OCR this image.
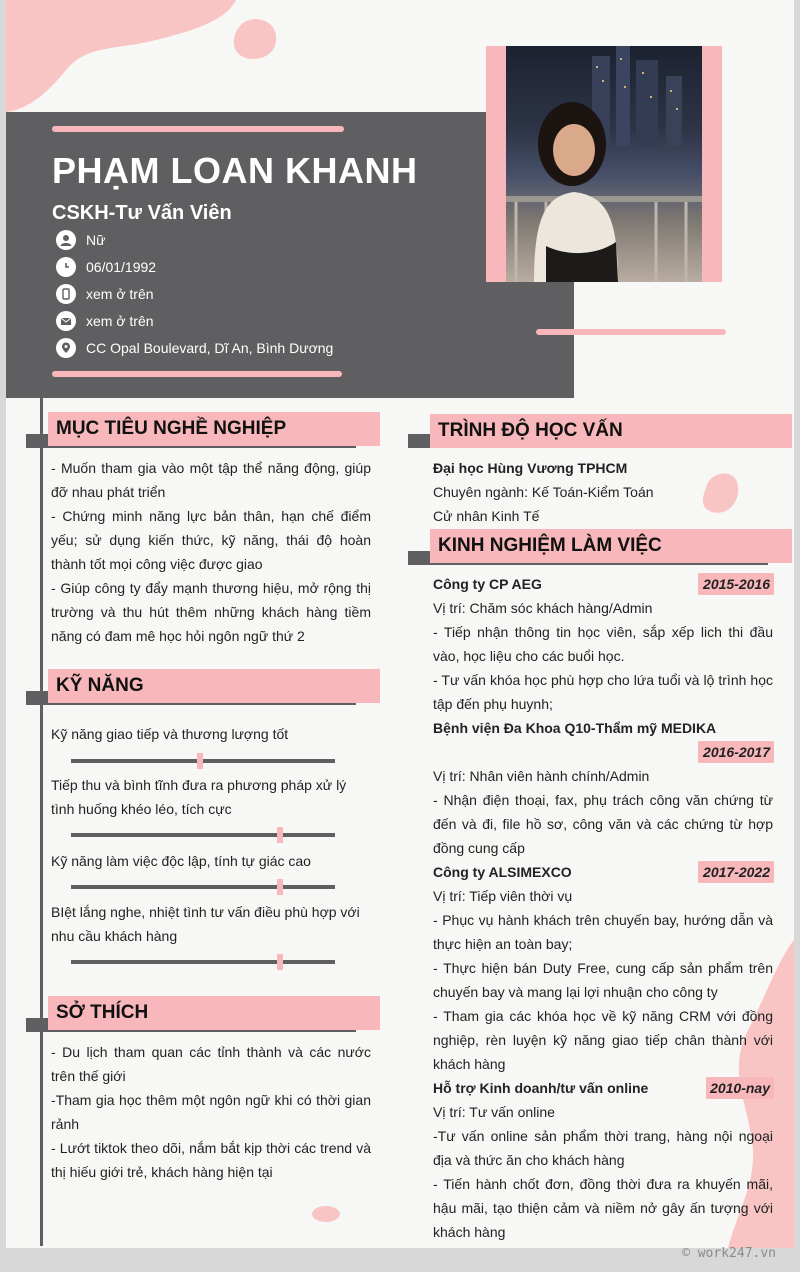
PHẠM LOAN KHANH
CSKH-Tư Vấn Viên
Nữ
06/01/1992
xem ở trên
xem ở trên
CC Opal Boulevard, Dĩ An, Bình Dương
MỤC TIÊU NGHỀ NGHIỆP
- Muốn tham gia vào một tập thể năng động, giúp đỡ nhau phát triển
- Chứng minh năng lực bản thân, hạn chế điểm yếu; sử dụng kiến thức, kỹ năng, thái độ hoàn thành tốt mọi công việc được giao
- Giúp công ty đẩy mạnh thương hiệu, mở rộng thị trường và thu hút thêm những khách hàng tiềm năng có đam mê học hỏi ngôn ngữ thứ 2
KỸ NĂNG
Kỹ năng giao tiếp và thương lượng tốt
Tiếp thu và bình tĩnh đưa ra phương pháp xử lý tình huống khéo léo, tích cực
Kỹ năng làm việc độc lập, tính tự giác cao
BIệt lắng nghe, nhiệt tình tư vấn điều phù hợp với nhu cầu khách hàng
SỞ THÍCH
- Du lịch tham quan các tỉnh thành và các nước trên thế giới
-Tham gia học thêm một ngôn ngữ khi có thời gian rảnh
- Lướt tiktok theo dõi, nắm bắt kịp thời các trend và thị hiếu giới trẻ, khách hàng hiện tại
TRÌNH ĐỘ HỌC VẤN
Đại học Hùng Vương TPHCM
Chuyên ngành: Kế Toán-Kiểm Toán
Cử nhân Kinh Tế
KINH NGHIỆM LÀM VIỆC
Công ty CP AEG	2015-2016
Vị trí: Chăm sóc khách hàng/Admin
- Tiếp nhận thông tin học viên, sắp xếp lich thi đầu vào, học liệu cho các buổi học.
- Tư vấn khóa học phù hợp cho lứa tuổi và lộ trình học tập đến phụ huynh;
Bệnh viện Đa Khoa Q10-Thẩm mỹ MEDIKA
2016-2017
Vị trí: Nhân viên hành chính/Admin
- Nhận điện thoại, fax, phụ trách công văn chứng từ đến và đi, file hồ sơ, công văn và các chứng từ hợp đồng cung cấp
Công ty ALSIMEXCO	2017-2022
Vị trí: Tiếp viên thời vụ
- Phục vụ hành khách trên chuyến bay, hướng dẫn và thực hiện an toàn bay;
- Thực hiện bán Duty Free, cung cấp sản phẩm trên chuyến bay và mang lại lợi nhuận cho công ty
- Tham gia các khóa học về kỹ năng CRM với đồng nghiệp, rèn luyện kỹ năng giao tiếp chân thành với khách hàng
Hỗ trợ Kinh doanh/tư vấn online	2010-nay
Vị trí: Tư vấn online
-Tư vấn online sản phẩm thời trang, hàng nội ngoại địa và thức ăn cho khách hàng
- Tiến hành chốt đơn, đồng thời đưa ra khuyến mãi, hậu mãi, tạo thiện cảm và niềm nở gây ấn tượng với khách hàng
© work247.vn
